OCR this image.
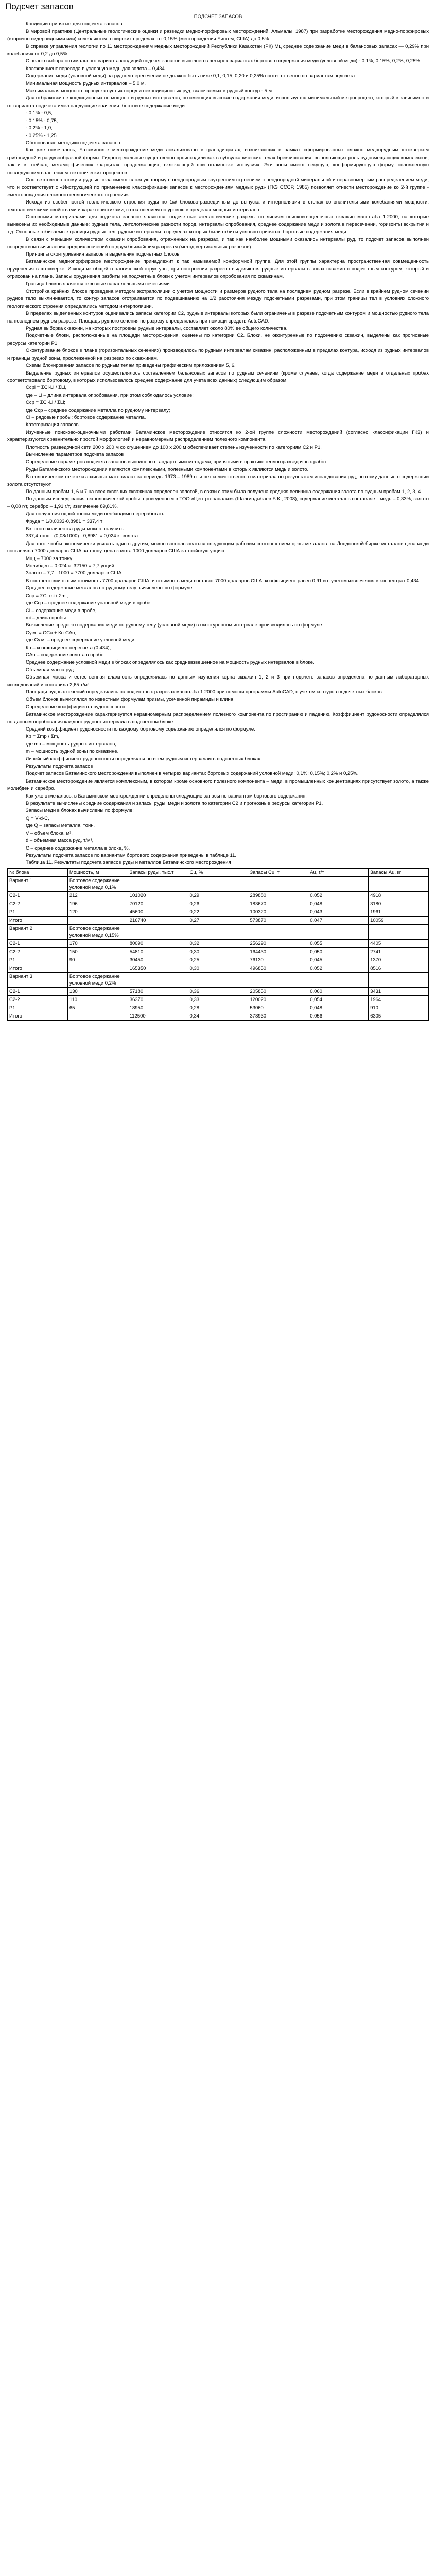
Подсчет запасов

ПОДСЧЕТ ЗАПАСОВ

Кондиции принятые для подсчета запасов

В мировой практике (Центральные геологические оценки и разведки медно-порфировых месторождений, Альмалы, 1987) при разработке месторождения медно-порфировых (вторично сидероидными или) колебляются в широких пределах: от 0,15% (месторождения Бингем, США) до 0,5%.

В справке управления геологии по 11 месторождениям медных месторождений Республики Казахстан (РК) Мц среднее содержание меди в балансовых запасах — 0,29% при колебаниях от 0,2 до 0,5%.

С целью выбора оптимального варианта кондиций подсчет запасов выполнен в четырех вариантах бортового содержания меди (условной меди) - 0,1%; 0,15%; 0,2%; 0,25%.

Коэффициент перевода в условную медь для золота – 0,434

Содержание меди (условной меди) на рудном пересечении не должно быть ниже 0,1; 0,15; 0,20 и 0,25% соответственно по вариантам подсчета.

Минимальная мощность рудных интервалов – 5,0 м.

Максимальная мощность пропуска пустых пород и некондиционных руд, включаемых в рудный контур - 5 м.

Для отбраковки не кондиционных по мощности рудных интервалов, но имеющих высокие содержания меди, используется минимальный метропроцент, который в зависимости от варианта подсчета имел следующие значения: бортовое содержание меди:

- 0,1% - 0,5;

- 0,15% - 0,75;

- 0,2% - 1,0;

- 0,25% - 1,25.

Обоснование методики подсчета запасов

Как уже отмечалось, Батаминское месторождение меди локализовано в гранодиоритах, возникающих в рамках сформированных сложно меднорудным штокверком грибовидной и раздувообразной формы. Гидротермальные существенно происходили как в субвулканических телах брекчирования, выполняющих роль рудовмещающих комплексов, так и в гнейсах, метаморфических кварцитах, продолжающих, включающей при штамповке интрузиях. Эти зоны имеют секущую, конформирующую форму, осложненную последующим вплетением тектонических процессов.

Соответственно этому и рудные тела имеют сложную форму с неоднородным внутренним строением с неоднородной минеральной и неравномерным распределением меди, что и соответствует с «Инструкцией по применению классификации запасов к месторождениям медных руд» (ГКЗ СССР, 1985) позволяет отнести месторождение ко 2-й группе - «месторождения сложного геологического строения».

Исходя из особенностей геологического строения руды по 1м/ блоково-разведочным до выпуска и интерполяции в стенах со значительными колебаниями мощности, технологическими свойствами и характеристиками, с отклонением по уровню в пределах мощных интервалов.

Основными материалами для подсчета запасов являются: подсчетные «геологические разрезы по линиям поисково-оценочных скважин масштаба 1:2000, на которые вынесены их необходимые данные: рудные тела, литологические разности пород, интервалы опробования, среднее содержание меди и золота в пересечении, горизонты вскрытия и т.д. Основные отбиваемые границы рудных тел, рудные интервалы в пределах которых были отбиты условно принятые бортовые содержания меди.

В связи с меньшим количеством скважин опробования, отраженных на разрезах, и так как наиболее мощными оказались интервалы руд, то подсчет запасов выполнен посредством вычисления средних значений по двум ближайшим разрезам (метод вертикальных разрезов).

Принципы оконтуривания запасов и выделения подсчетных блоков

Батаминское меднопорфировое месторождение принадлежит к так называемой конформной группе. Для этой группы характерна пространственная совмещенность оруденения в штокверке. Исходя из общей геологической структуры, при построении разрезов выделяются рудные интервалы в зонах скважин с подсчетным контуром, который и отрисован на плане. Запасы оруденения разбиты на подсчетные блоки с учетом интервалов опробования по скважинам.

Граница блоков является сквозные параллельными сечениями.

Отстройка крайних блоков проведена методом экстраполяции с учетом мощности и размеров рудного тела на последнем рудном разрезе. Если в крайнем рудном сечении рудное тело выклинивается, то контур запасов отстраивается по подвешиванию на 1/2 расстояния между подсчетными разрезами, при этом границы тел в условиях сложного геологического строения определялись методом интерполяции.

В пределах выделенных контуров оценивались запасы категории С2, рудные интервалы которых были ограничены в разрезе подсчетным контуром и мощностью рудного тела на последнем рудном разрезе. Площадь рудного сечения по разрезу определялась при помощи средств AutoCAD.

Рудная выборка скважин, на которых построены рудные интервалы, составляет около 80% ее общего количества.

Подсчетные блоки, расположенные на площади месторождения, оценены по категории С2. Блоки, не оконтуренные по подсечению скважин, выделены как прогнозные ресурсы категории Р1.

Оконтуривание блоков в плане (горизонтальных сечениях) производилось по рудным интервалам скважин, расположенным в пределах контура, исходя из рудных интервалов и границы рудной зоны, прослеженной на разрезах по скважинам.

Схемы блокирования запасов по рудным телам приведены графическим приложением 5, 6.

Выделение рудных интервалов осуществлялось составлением балансовых запасов по рудным сечениям (кроме случаев, когда содержание меди в отдельных пробах соответствовало бортовому, в которых использовалось среднее содержание для учета всех данных) следующим образом:

Ссрi = ΣCi·Li / ΣLi,

где – Li – длина интервала опробования, при этом соблюдалось условие:

Cср = ΣCi·Li / ΣLi;

где Сср – среднее содержание металла по рудному интервалу;

Ci – рядовые пробы; бортовое содержание металла.

Категоризация запасов

Изученные поисково-оценочными работами Батаминское месторождение относятся ко 2-ой группе сложности месторождений (согласно классификации ГКЗ) и характеризуются сравнительно простой морфологией и неравномерным распределением полезного компонента.

Плотность разведочной сети 200 x 200 м со сгущением до 100 x 200 м обеспечивает степень изученности по категориям С2 и Р1.

Вычисление параметров подсчета запасов

Определение параметров подсчета запасов выполнено стандартными методами, принятыми в практике геологоразведочных работ.

Руды Батаминского месторождения являются комплексными, полезными компонентами в которых являются медь и золото.

В геологическом отчете и архивных материалах за периоды 1973 – 1989 гг. и нет количественного материала по результатам исследования руд, поэтому данные о содержании золота отсутствуют.

По данным пробам 1, 6 и 7 на всех сквозных скважинах определен золотой, в связи с этим была получена средняя величина содержания золота по рудным пробам 1, 2, 3, 4.

По данным исследования технологической пробы, проведенным в ТОО «Центргеоанализ» (Шалгиндыбаев Б.К., 2008), содержание металлов составляет: медь – 0,33%, золото – 0,08 г/т, серебро – 1,91 г/т, извлечение 89,81%.

Для получения одной тонны меди необходимо переработать:

Фруда = 1/0,0033·0,8981 = 337,4 т

Вз. этого количества руды можно получить:

337,4 тонн · (0,08/1000) · 0,8981 = 0,024 кг золота

Для того, чтобы экономически увязать один с другим, можно воспользоваться следующим рабочим соотношением цены металлов: на Лондонской бирже металлов цена меди составляла 7000 долларов США за тонну, цена золота 1000 долларов США за тройскую унцию.

Мцц – 7000 за тонну

Молибден – 0,024 кг·32150 = 7,7 унций

Золото – 7,7 · 1000 = 7700 долларов США

В соответствии с этим стоимость 7700 долларов США, и стоимость меди составит 7000 долларов США, коэффициент равен 0,91 и с учетом извлечения в концентрат 0,434.

Среднее содержание металлов по рудному телу вычислены по формуле:

Сср = ΣCi·mi / Σmi,

где Сср – среднее содержание условной меди в пробе,

Ci – содержание меди в пробе,

mi – длина пробы.

Вычисление среднего содержания меди по рудному телу (условной меди) в оконтуренном интервале производилось по формуле:

Cу.м. = CCu + Кп·CAu,

где Cу.м. – среднее содержание условной меди,

Кп – коэффициент пересчета (0,434),

CAu – содержание золота в пробе.

Среднее содержание условной меди в блоках определялось как средневзвешенное на мощность рудных интервалов в блоке.

Объемная масса руд

Объемная масса и естественная влажность определялась по данным изучения керна скважин 1, 2 и 3 при подсчете запасов определена по данным лабораторных исследований и составила 2,65 т/м³.

Площади рудных сечений определялись на подсчетных разрезах масштаба 1:2000 при помощи программы AutoCAD, с учетом контуров подсчетных блоков.

Объем блоков вычислялся по известным формулам призмы, усеченной пирамиды и клина.

Определение коэффициента рудоносности

Батаминское месторождение характеризуется неравномерным распределением полезного компонента по простиранию и падению. Коэффициент рудоносности определялся по данным опробования каждого рудного интервала в подсчетном блоке.

Средний коэффициент рудоносности по каждому бортовому содержанию определялся по формуле:

Кр = Σmр / Σm,

где mр – мощность рудных интервалов,

m – мощность рудной зоны по скважине.

Линейный коэффициент рудоносности определялся по всем рудным интервалам в подсчетных блоках.

Результаты подсчета запасов

Подсчет запасов Батаминского месторождения выполнен в четырех вариантах бортовых содержаний условной меди: 0,1%; 0,15%; 0,2% и 0,25%.

Батаминское месторождение является комплексным, в котором кроме основного полезного компонента – меди, в промышленных концентрациях присутствует золото, а также молибден и серебро.

Как уже отмечалось, в Батаминском месторождении определены следующие запасы по вариантам бортового содержания.

В результате вычислены средние содержания и запасы руды, меди и золота по категории С2 и прогнозные ресурсы категории Р1.

Запасы меди в блоках вычислены по формуле:

Q = V·d·C,

где Q – запасы металла, тонн,

V – объем блока, м³,

d – объемная масса руд, т/м³,

C – среднее содержание металла в блоке, %.

Результаты подсчета запасов по вариантам бортового содержания приведены в таблице 11.

Таблица 11. Результаты подсчета запасов руды и металлов Батаминского месторождения

№ блока	Мощность, м	Запасы руды, тыс.т	Cu, %	Запасы Cu, т	Au, г/т	Запасы Au, кг
Вариант 1	Бортовое содержание условной меди 0,1%					
С2-1	212	101020	0,29	289880	0,052	4918
С2-2	196	70120	0,26	183670	0,048	3180
Р1	120	45600	0,22	100320	0,043	1961
Итого		216740	0,27	573870	0,047	10059
Вариант 2	Бортовое содержание условной меди 0,15%					
С2-1	170	80090	0,32	256290	0,055	4405
С2-2	150	54810	0,30	164430	0,050	2741
Р1	90	30450	0,25	76130	0,045	1370
Итого		165350	0,30	496850	0,052	8516
Вариант 3	Бортовое содержание условной меди 0,2%					
С2-1	130	57180	0,36	205850	0,060	3431
С2-2	110	36370	0,33	120020	0,054	1964
Р1	65	18950	0,28	53060	0,048	910
Итого		112500	0,34	378930	0,056	6305
